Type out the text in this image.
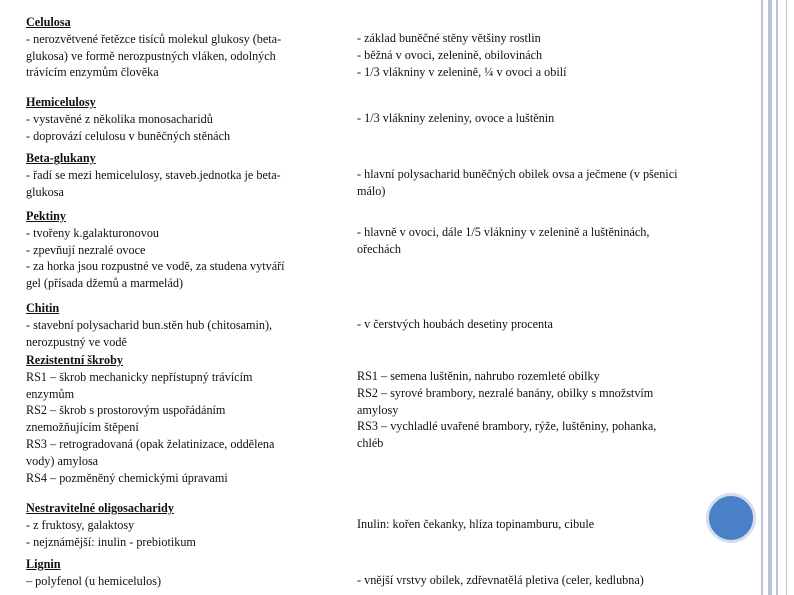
Celulosa
- nerozvětvené řetězce tisíců molekul glukosy (beta-
glukosa) ve formě nerozpustných vláken, odolných
trávícím enzymům člověka
- základ buněčné stěny většiny rostlin
- běžná v ovoci, zelenině, obilovinách
- 1/3 vlákniny v zelenině, ¼ v ovoci a obilí
Hemicelulosy
- vystavěné z několika monosacharidů
- doprovází celulosu v buněčných stěnách
- 1/3 vlákniny zeleniny, ovoce a luštěnin
Beta-glukany
- řadí se mezi hemicelulosy, staveb.jednotka je beta-
glukosa
- hlavní polysacharid buněčných obilek ovsa a ječmene (v pšenici
málo)
Pektiny
- tvořeny k.galakturonovou
- zpevňují nezralé ovoce
- za horka jsou rozpustné ve vodě, za studena vytváří
gel (přísada džemů a marmelád)
- hlavně v ovoci, dále 1/5 vlákniny v zelenině a luštěninách,
ořechách
Chitin
- stavební polysacharid bun.stěn hub (chitosamin),
nerozpustný ve vodě
- v čerstvých houbách desetiny procenta
Rezistentní škroby
RS1 – škrob mechanicky nepřístupný trávícím
enzymům
RS2 – škrob s prostorovým uspořádáním
znemožňujícím štěpení
RS3 – retrogradovaná (opak želatinizace, oddělena
vody) amylosa
RS4 – pozměněný chemickými úpravami
RS1 – semena luštěnin, nahrubo rozemleté obilky
RS2 – syrové brambory, nezralé banány, obilky s množstvím
amylosy
RS3 – vychladlé uvařené brambory, rýže, luštěniny, pohanka,
chléb
Nestravitelné oligosacharidy
- z fruktosy, galaktosy
- nejznámější: inulin - prebiotikum
Inulin: kořen čekanky, hlíza topinamburu, cibule
Lignin
– polyfenol (u hemicelulos)	- vnější vrstvy obilek, zdřevnatělá pletiva (celer, kedlubna)
